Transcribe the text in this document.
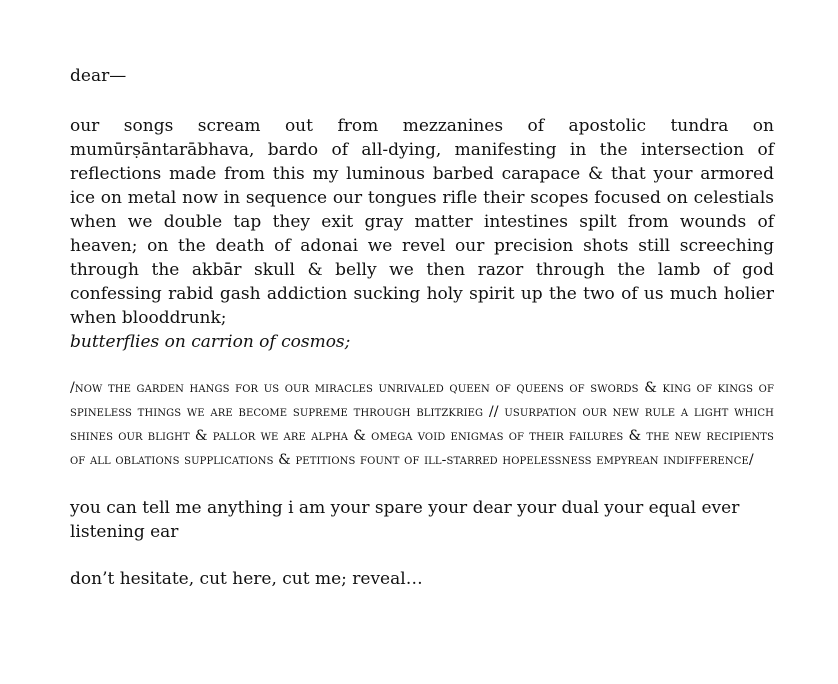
dear—

our songs scream out from mezzanines of apostolic tundra on mumūrṣāntarābhava, bardo of all-dying, manifesting in the intersection of reflections made from this my luminous barbed carapace & that your armored ice on metal now in sequence our tongues rifle their scopes focused on celestials when we double tap they exit gray matter intestines spilt from wounds of heaven; on the death of adonai we revel our precision shots still screeching through the akbār skull & belly we then razor through the lamb of god confessing rabid gash addiction sucking holy spirit up the two of us much holier when blooddrunk;
butterflies on carrion of cosmos;

/now the garden hangs for us our miracles unrivaled queen of queens of swords & king of kings of spineless things we are become supreme through blitzkrieg // usurpation our new rule a light which shines our blight & pallor we are alpha & omega void enigmas of their failures & the new recipients of all oblations supplications & petitions fount of ill-starred hopelessness empyrean indifference/

you can tell me anything i am your spare your dear your dual your equal ever listening ear

don’t hesitate, cut here, cut me; reveal…
